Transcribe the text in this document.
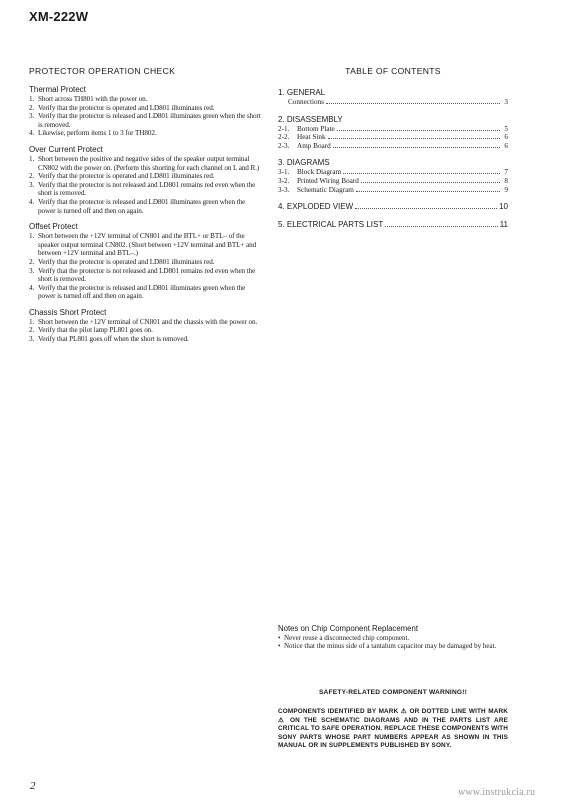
XM-222W
PROTECTOR OPERATION CHECK
Thermal Protect
1. Short across TH801 with the power on.
2. Verify that the protector is operated and LD801 illuminates red.
3. Verify that the protector is released and LD801 illuminates green when the short is removed.
4. Likewise, perform items 1 to 3 for TH802.
Over Current Protect
1. Short between the positive and negative sides of the speaker output terminal CN802 with the power on. (Perform this shorting for each channel on L and R.)
2. Verify that the protector is operated and LD801 illuminates red.
3. Verify that the protector is not released and LD801 remains red even when the short is removed.
4. Verify that the protector is released and LD801 illuminates green when the power is turned off and then on again.
Offset Protect
1. Short between the +12V terminal of CN801 and the BTL+ or BTL– of the speaker output terminal CN802. (Short between +12V terminal and BTL+ and between +12V terminal and BTL–.)
2. Verify that the protector is operated and LD801 illuminates red.
3. Verify that the protector is not released and LD801 remains red even when the short is removed.
4. Verify that the protector is released and LD801 illuminates green when the power is turned off and then on again.
Chassis Short Protect
1. Short between the +12V terminal of CN801 and the chassis with the power on.
2. Verify that the pilot lamp PL801 goes on.
3. Verify that PL801 goes off when the short is removed.
TABLE OF CONTENTS
1. GENERAL
Connections	3
2. DISASSEMBLY
2-1.	Bottom Plate	5
2-2.	Heat Sink	6
2-3.	Amp Board	6
3. DIAGRAMS
3-1.	Block Diagram	7
3-2.	Printed Wiring Board	8
3-3.	Schematic Diagram	9
4. EXPLODED VIEW	10
5. ELECTRICAL PARTS LIST	11
Notes on Chip Component Replacement
• Never reuse a disconnected chip component.
• Notice that the minus side of a tantalum capacitor may be damaged by heat.
SAFETY-RELATED COMPONENT WARNING!!
COMPONENTS IDENTIFIED BY MARK ⚠ OR DOTTED LINE WITH MARK ⚠ ON THE SCHEMATIC DIAGRAMS AND IN THE PARTS LIST ARE CRITICAL TO SAFE OPERATION. REPLACE THESE COMPONENTS WITH SONY PARTS WHOSE PART NUMBERS APPEAR AS SHOWN IN THIS MANUAL OR IN SUPPLEMENTS PUBLISHED BY SONY.
2
www.instrukcia.ru
